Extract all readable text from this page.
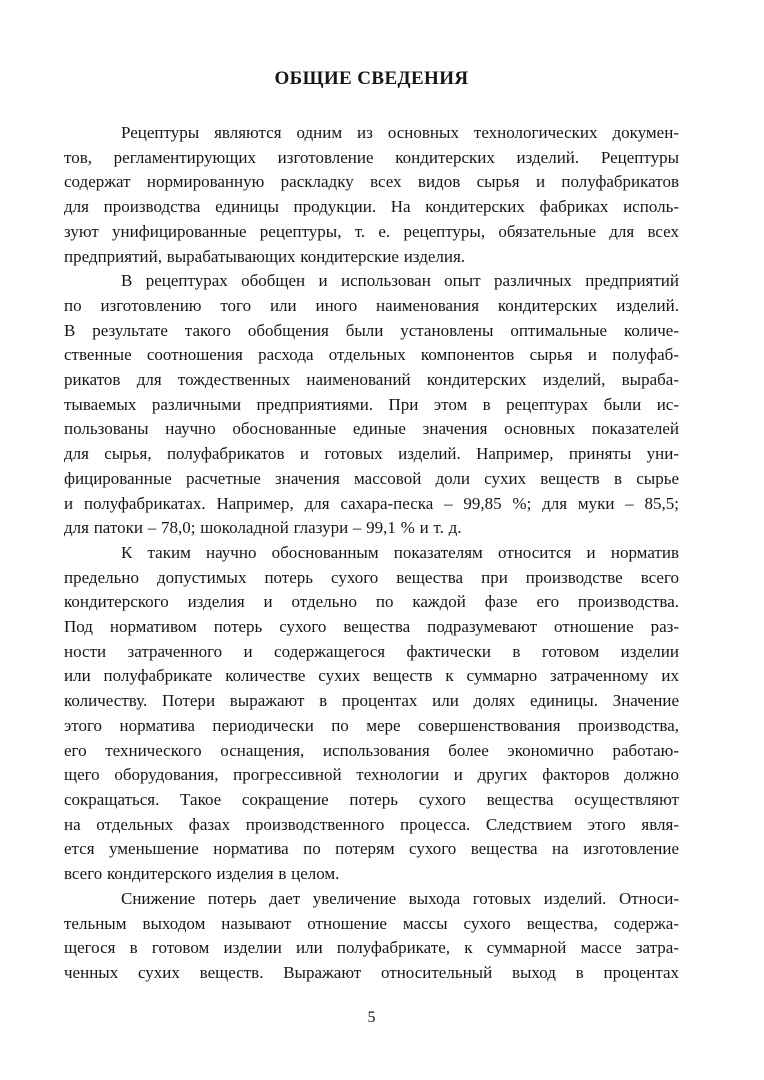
ОБЩИЕ СВЕДЕНИЯ
Рецептуры являются одним из основных технологических докумен-
тов, регламентирующих изготовление кондитерских изделий. Рецептуры
содержат нормированную раскладку всех видов сырья и полуфабрикатов
для производства единицы продукции. На кондитерских фабриках исполь-
зуют унифицированные рецептуры, т. е. рецептуры, обязательные для всех
предприятий, вырабатывающих кондитерские изделия.
В рецептурах обобщен и использован опыт различных предприятий
по изготовлению того или иного наименования кондитерских изделий.
В результате такого обобщения были установлены оптимальные количе-
ственные соотношения расхода отдельных компонентов сырья и полуфаб-
рикатов для тождественных наименований кондитерских изделий, выраба-
тываемых различными предприятиями. При этом в рецептурах были ис-
пользованы научно обоснованные единые значения основных показателей
для сырья, полуфабрикатов и готовых изделий. Например, приняты уни-
фицированные расчетные значения массовой доли сухих веществ в сырье
и полуфабрикатах. Например, для сахара-песка – 99,85 %; для муки – 85,5;
для патоки – 78,0; шоколадной глазури – 99,1 % и т. д.
К таким научно обоснованным показателям относится и норматив
предельно допустимых потерь сухого вещества при производстве всего
кондитерского изделия и отдельно по каждой фазе его производства.
Под нормативом потерь сухого вещества подразумевают отношение раз-
ности затраченного и содержащегося фактически в готовом изделии
или полуфабрикате количестве сухих веществ к суммарно затраченному их
количеству. Потери выражают в процентах или долях единицы. Значение
этого норматива периодически по мере совершенствования производства,
его технического оснащения, использования более экономично работаю-
щего оборудования, прогрессивной технологии и других факторов должно
сокращаться. Такое сокращение потерь сухого вещества осуществляют
на отдельных фазах производственного процесса. Следствием этого явля-
ется уменьшение норматива по потерям сухого вещества на изготовление
всего кондитерского изделия в целом.
Снижение потерь дает увеличение выхода готовых изделий. Относи-
тельным выходом называют отношение массы сухого вещества, содержа-
щегося в готовом изделии или полуфабрикате, к суммарной массе затра-
ченных сухих веществ. Выражают относительный выход в процентах
5
